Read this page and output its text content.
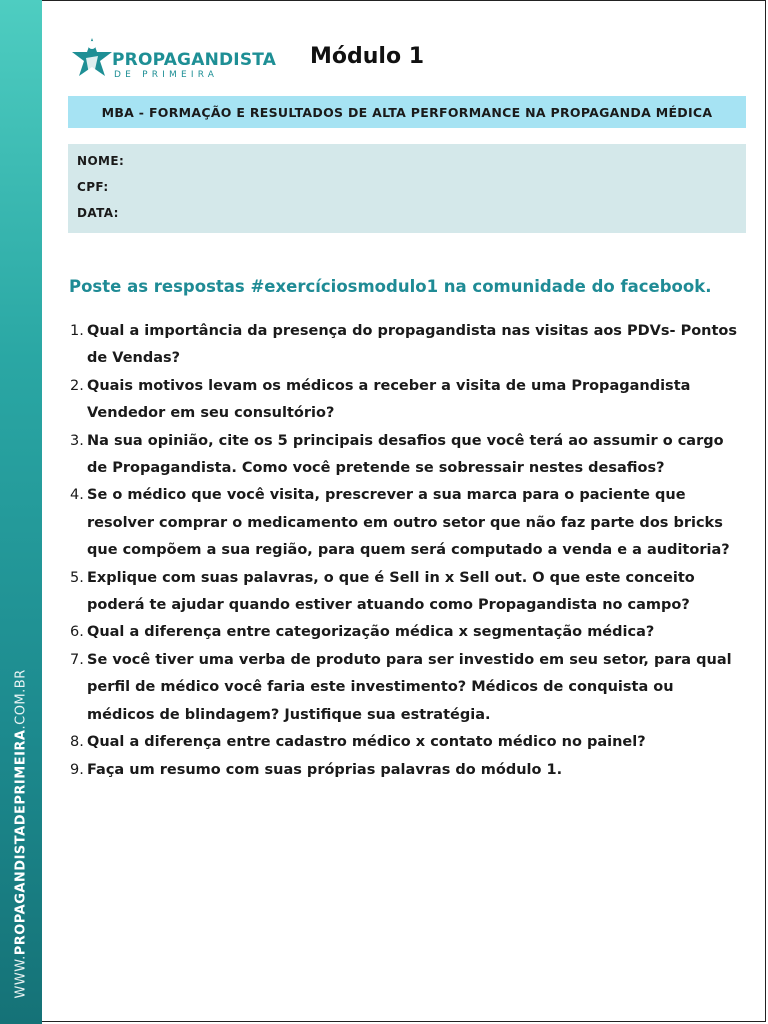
WWW.PROPAGANDISTADEPRIMEIRA.COM.BR
PROPAGANDISTA
DE PRIMEIRA
Módulo 1
MBA - FORMAÇÃO E RESULTADOS DE ALTA PERFORMANCE NA PROPAGANDA MÉDICA
NOME:
CPF:
DATA:
Poste as respostas #exercíciosmodulo1 na comunidade do facebook.
1. Qual a importância da presença do propagandista nas visitas aos PDVs- Pontos de Vendas?
2. Quais motivos levam os médicos a receber a visita de uma Propagandista Vendedor em seu consultório?
3. Na sua opinião, cite os 5 principais desafios que você terá ao assumir o cargo de Propagandista. Como você pretende se sobressair nestes desafios?
4. Se o médico que você visita, prescrever a sua marca para o paciente que resolver comprar o medicamento em outro setor que não faz parte dos bricks que compõem a sua região, para quem será computado a venda e a auditoria?
5. Explique com suas palavras, o que é Sell in x Sell out. O que este conceito poderá te ajudar quando estiver atuando como Propagandista no campo?
6. Qual a diferença entre categorização médica x segmentação médica?
7. Se você tiver uma verba de produto para ser investido em seu setor, para qual perfil de médico você faria este investimento? Médicos de conquista ou médicos de blindagem? Justifique sua estratégia.
8. Qual a diferença entre cadastro médico x contato médico no painel?
9. Faça um resumo com suas próprias palavras do módulo 1.
